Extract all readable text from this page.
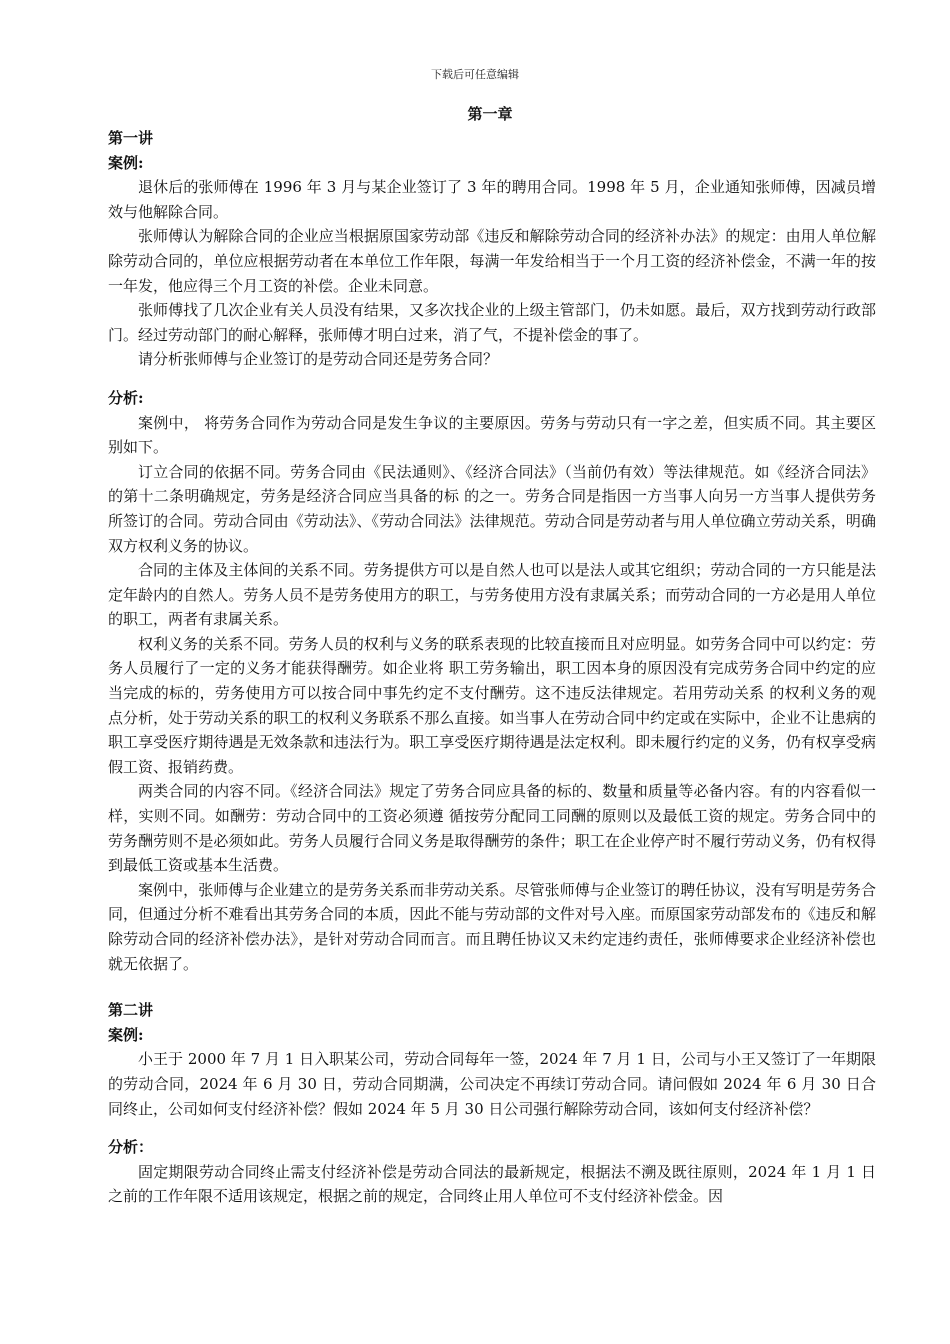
下载后可任意编辑
第一章

第一讲

案例:

退休后的张师傅在 1996 年 3 月与某企业签订了 3 年的聘用合同。1998 年 5 月，企业通知张师傅，因减员增效与他解除合同。

张师傅认为解除合同的企业应当根据原国家劳动部《违反和解除劳动合同的经济补办法》的规定：由用人单位解除劳动合同的，单位应根据劳动者在本单位工作年限，每满一年发给相当于一个月工资的经济补偿金，不满一年的按一年发，他应得三个月工资的补偿。企业未同意。

张师傅找了几次企业有关人员没有结果，又多次找企业的上级主管部门，仍未如愿。最后，双方找到劳动行政部门。经过劳动部门的耐心解释，张师傅才明白过来，消了气，不提补偿金的事了。

请分析张师傅与企业签订的是劳动合同还是劳务合同？

分析:

案例中， 将劳务合同作为劳动合同是发生争议的主要原因。劳务与劳动只有一字之差，但实质不同。其主要区别如下。

订立合同的依据不同。劳务合同由《民法通则》、《经济合同法》（当前仍有效）等法律规范。如《经济合同法》的第十二条明确规定，劳务是经济合同应当具备的标 的之一。劳务合同是指因一方当事人向另一方当事人提供劳务所签订的合同。劳动合同由《劳动法》、《劳动合同法》法律规范。劳动合同是劳动者与用人单位确立劳动关系，明确双方权利义务的协议。

合同的主体及主体间的关系不同。劳务提供方可以是自然人也可以是法人或其它组织；劳动合同的一方只能是法定年龄内的自然人。劳务人员不是劳务使用方的职工，与劳务使用方没有隶属关系；而劳动合同的一方必是用人单位的职工，两者有隶属关系。

权利义务的关系不同。劳务人员的权利与义务的联系表现的比较直接而且对应明显。如劳务合同中可以约定：劳务人员履行了一定的义务才能获得酬劳。如企业将 职工劳务输出，职工因本身的原因没有完成劳务合同中约定的应当完成的标的，劳务使用方可以按合同中事先约定不支付酬劳。这不违反法律规定。若用劳动关系 的权利义务的观点分析，处于劳动关系的职工的权利义务联系不那么直接。如当事人在劳动合同中约定或在实际中，企业不让患病的职工享受医疗期待遇是无效条款和违法行为。职工享受医疗期待遇是法定权利。即未履行约定的义务，仍有权享受病假工资、报销药费。

两类合同的内容不同。《经济合同法》规定了劳务合同应具备的标的、数量和质量等必备内容。有的内容看似一样，实则不同。如酬劳：劳动合同中的工资必须遵 循按劳分配同工同酬的原则以及最低工资的规定。劳务合同中的劳务酬劳则不是必须如此。劳务人员履行合同义务是取得酬劳的条件；职工在企业停产时不履行劳动义务，仍有权得到最低工资或基本生活费。

案例中，张师傅与企业建立的是劳务关系而非劳动关系。尽管张师傅与企业签订的聘任协议，没有写明是劳务合同，但通过分析不难看出其劳务合同的本质，因此不能与劳动部的文件对号入座。而原国家劳动部发布的《违反和解除劳动合同的经济补偿办法》，是针对劳动合同而言。而且聘任协议又未约定违约责任，张师傅要求企业经济补偿也就无依据了。

第二讲

案例:

小王于 2000 年 7 月 1 日入职某公司，劳动合同每年一签，2024 年 7 月 1 日，公司与小王又签订了一年期限的劳动合同，2024 年 6 月 30 日，劳动合同期满，公司决定不再续订劳动合同。请问假如 2024 年 6 月 30 日合同终止，公司如何支付经济补偿？假如 2024 年 5 月 30 日公司强行解除劳动合同，该如何支付经济补偿？

分析：

固定期限劳动合同终止需支付经济补偿是劳动合同法的最新规定，根据法不溯及既往原则，2024 年 1 月 1 日之前的工作年限不适用该规定，根据之前的规定，合同终止用人单位可不支付经济补偿金。因
